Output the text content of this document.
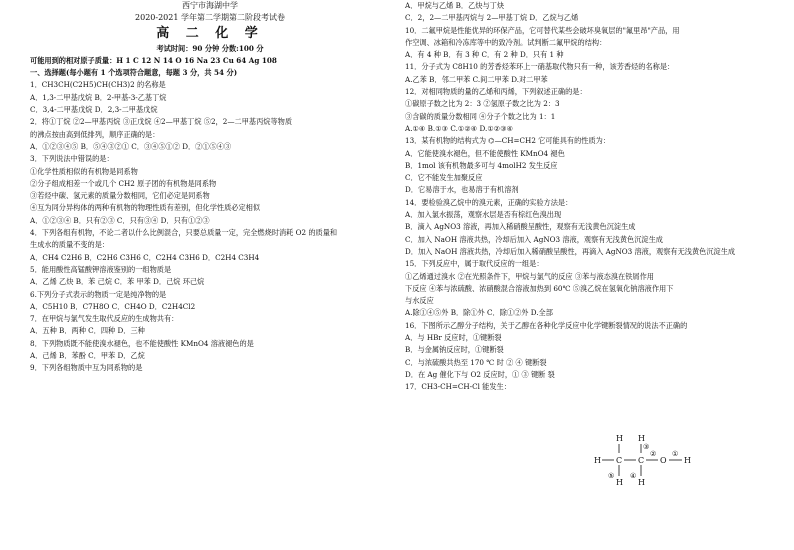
西宁市海湖中学
2020-2021 学年第二学期第二阶段考试卷
高 二 化 学
考试时间：90 分钟 分数:100 分
可能用到的相对原子质量：H 1 C 12 N 14 O 16 Na 23 Cu 64 Ag 108
一、选择题(每小题有 1 个选项符合题意，每题 3 分，共 54 分)
1．CH3CH(C2H5)CH(CH3)2 的名称是
A．1,3-二甲基戊烷 B．2-甲基-3-乙基丁烷
C．3,4-二甲基戊烷 D．2,3-二甲基戊烷
2．将①丁烷 ②2—甲基丙烷 ③正戊烷 ④2—甲基丁烷 ⑤2，2—二甲基丙烷等物质
的沸点按由高到低排列，顺序正确的是：
A．①②③④⑤ B．⑤④③②① C．③④⑤①② D．②①⑤④③
3．下列说法中错误的是：
①化学性质相似的有机物是同系物
②分子组成相差一个或几个 CH2 原子团的有机物是同系物
③若烃中碳、氢元素的质量分数相同，它们必定是同系物
④互为同分异构体的两种有机物的物理性质有差别，但化学性质必定相似
A．①②③④ B．只有②③ C．只有③④ D．只有①②③
4．下列各组有机物，不论二者以什么比例混合，只要总质量一定，完全燃烧时消耗 O2 的质量和
生成水的质量不变的是：
A．CH4 C2H6 B．C2H6 C3H6 C．C2H4 C3H6 D．C2H4 C3H4
5．能用酸性高锰酸钾溶液鉴别的一组物质是
A．乙烯 乙炔 B．苯 己烷 C．苯 甲苯 D．己烷 环己烷
6.下列分子式表示的物质一定是纯净物的是
A．C5H10 B．C7H8O C．CH4O D．C2H4Cl2
7．在甲烷与氯气发生取代反应的生成物共有：
A．五种 B．两种 C．四种 D．三种
8．下列物质既不能使溴水褪色，也不能使酸性 KMnO4 溶液褪色的是
A．己烯 B．苯酚 C．甲苯 D．乙烷
9．下列各组物质中互为同系物的是
A．甲烷与乙烯 B．乙炔与丁炔
C．2，2—二甲基丙烷与 2—甲基丁烷 D．乙烷与乙烯
10．二氟甲烷是性能优异的环保产品，它可替代某些会破坏臭氧层的"氟里昂"产品，用
作空调、冰箱和冷冻库等中的致冷剂。试判断二氟甲烷的结构：
A．有 4 种 B．有 3 种 C．有 2 种 D．只有 1 种
11．分子式为 C8H10 的芳香烃苯环上一硝基取代物只有一种，该芳香烃的名称是：
A.乙苯 B．邻二甲苯 C.间二甲苯 D.对二甲苯
12．对相同物质的量的乙烯和丙烯，下列叙述正确的是：
①碳原子数之比为 2：3 ②氢原子数之比为 2：3
③含碳的质量分数相同 ④分子个数之比为 1：1
A.①④ B.①③ C.①②④ D.①②③④
13．某有机物的结构式为 ⌬—CH=CH2 它可能具有的性质为：
A．它能使溴水褪色，但不能使酸性 KMnO4 褪色
B．1mol 该有机物最多可与 4molH2 发生反应
C．它不能发生加聚反应
D．它易溶于水，也易溶于有机溶剂
14．要检验溴乙烷中的溴元素，正确的实验方法是：
A．加入氯水振荡，观察水层是否有棕红色溴出现
B．滴入 AgNO3 溶液，再加入稀硝酸呈酸性，观察有无浅黄色沉淀生成
C．加入 NaOH 溶液共热，冷却后加入 AgNO3 溶液，观察有无浅黄色沉淀生成
D．加入 NaOH 溶液共热，冷却后加入稀硝酸呈酸性，再滴入 AgNO3 溶液，观察有无浅黄色沉淀生成
15．下列反应中，属于取代反应的一组是：
①乙烯通过溴水 ②在光照条件下，甲烷与氯气的反应 ③苯与液态溴在铁屑作用
下反应 ④苯与浓硫酸、浓硝酸混合溶液加热到 60℃ ⑤溴乙烷在氢氧化钠溶液作用下
与水反应
A.除①④⑤外 B．除①外 C．除①②外 D.全部
16．下图所示乙醇分子结构，关于乙醇在各种化学反应中化学键断裂情况的说法不正确的
A．与 HBr 反应时，①键断裂
B．与金属钠反应时，①键断裂
C．与浓硫酸共热至 170 ℃ 时 ② ④ 键断裂
D．在 Ag 催化下与 O2 反应时，① ③ 键断 裂
17．CH3-CH=CH-Cl 能发生：
H H
H
H
C C O H
H
③
② ①
⑤ ④
